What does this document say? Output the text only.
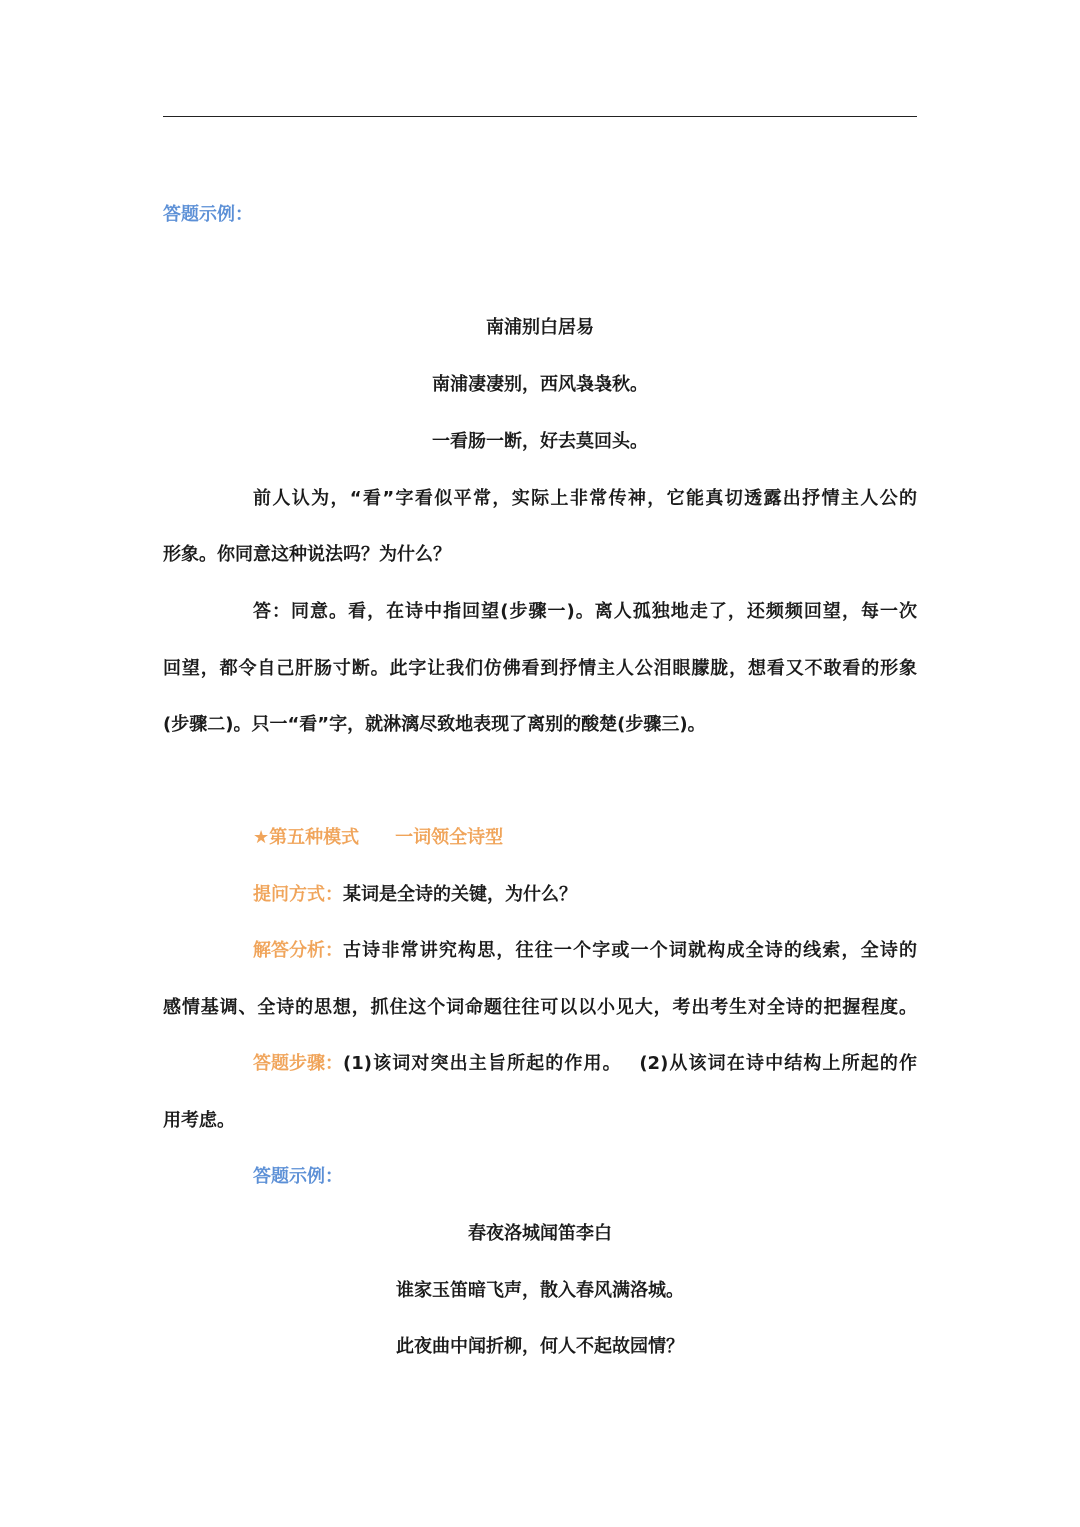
答题示例：
南浦别白居易
南浦凄凄别，西风袅袅秋。
一看肠一断，好去莫回头。
前人认为，“看”字看似平常，实际上非常传神，它能真切透露出抒情主人公的
形象。你同意这种说法吗？为什么？
答：同意。看，在诗中指回望(步骤一)。离人孤独地走了，还频频回望，每一次
回望，都令自己肝肠寸断。此字让我们仿佛看到抒情主人公泪眼朦胧，想看又不敢看的形象
(步骤二)。只一“看”字，就淋漓尽致地表现了离别的酸楚(步骤三)。
★第五种模式　　一词领全诗型
提问方式：某词是全诗的关键，为什么？
解答分析： 古诗非常讲究构思，往往一个字或一个词就构成全诗的线索，全诗的
感情基调、全诗的思想，抓住这个词命题往往可以以小见大，考出考生对全诗的把握程度。
答题步骤： (1)该词对突出主旨所起的作用。　 (2)从该词在诗中结构上所起的作
用考虑。
答题示例：
春夜洛城闻笛李白
谁家玉笛暗飞声，散入春风满洛城。
此夜曲中闻折柳，何人不起故园情？
